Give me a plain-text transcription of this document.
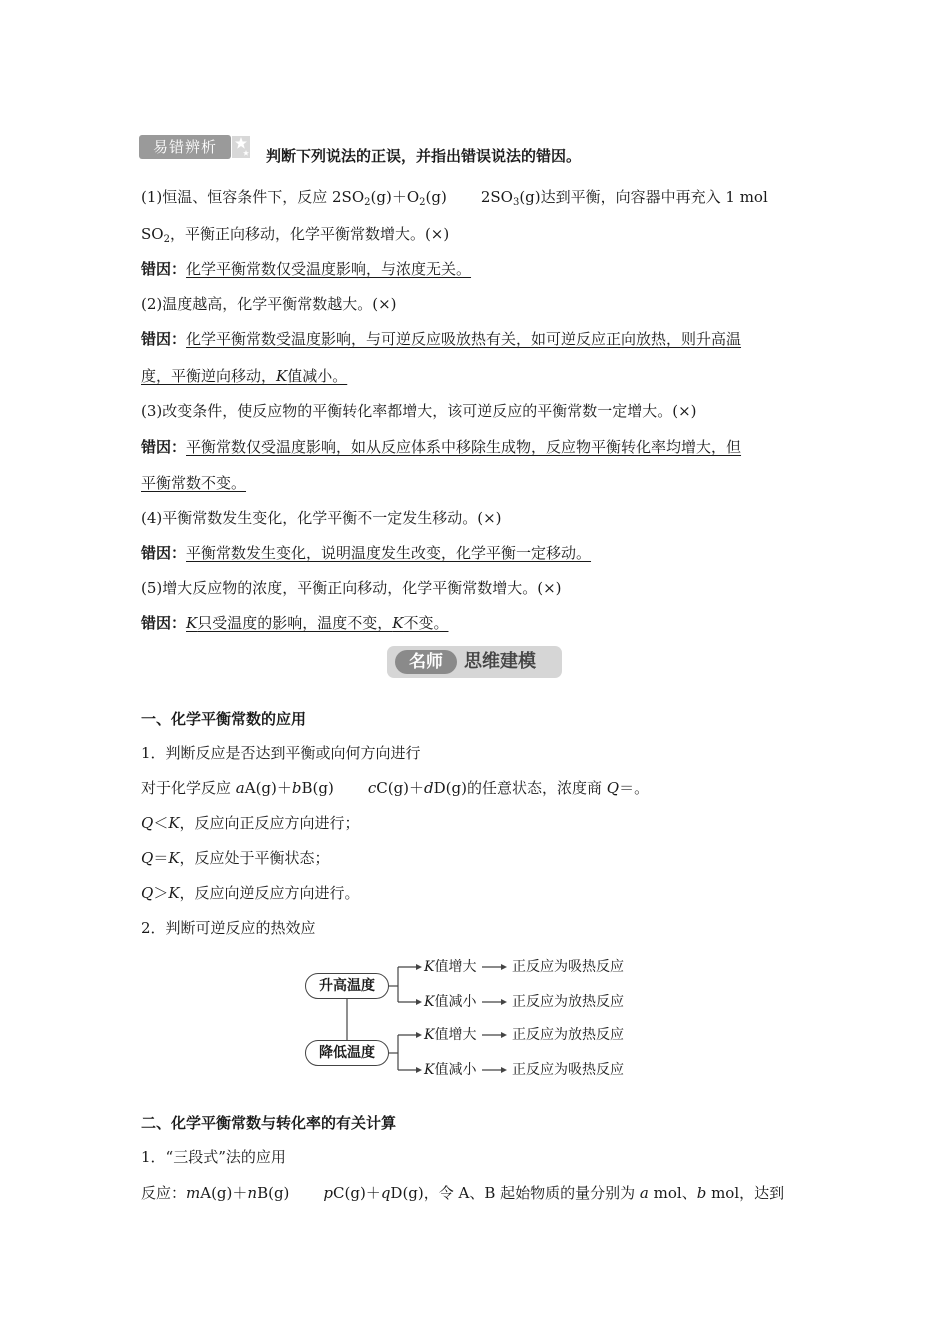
易错辨析	判断下列说法的正误，并指出错误说法的错因。
(1)恒温、恒容条件下，反应 $2SO_2(g)+O_2(g)$ $2SO_3(g)$达到平衡，向容器中再充入 1 mol
$SO_2$，平衡正向移动，化学平衡常数增大。(×)
错因：化学平衡常数仅受温度影响，与浓度无关。
(2)温度越高，化学平衡常数越大。(×)
错因：化学平衡常数受温度影响，与可逆反应吸放热有关，如可逆反应正向放热，则升高温
度，平衡逆向移动，K值减小。
(3)改变条件，使反应物的平衡转化率都增大，该可逆反应的平衡常数一定增大。(×)
错因：平衡常数仅受温度影响，如从反应体系中移除生成物，反应物平衡转化率均增大，但
平衡常数不变。
(4)平衡常数发生变化，化学平衡不一定发生移动。(×)
错因：平衡常数发生变化，说明温度发生改变，化学平衡一定移动。
(5)增大反应物的浓度，平衡正向移动，化学平衡常数增大。(×)
错因：K只受温度的影响，温度不变，K不变。
名师	思维建模
一、化学平衡常数的应用
1．判断反应是否达到平衡或向何方向进行
对于化学反应 aA(g)＋bB(g) cC(g)＋dD(g)的任意状态，浓度商 Q＝。
Q＜K，反应向正反应方向进行；
Q＝K，反应处于平衡状态；
Q＞K，反应向逆反应方向进行。
2．判断可逆反应的热效应
升高温度
降低温度
K值增大	正反应为吸热反应
K值减小	正反应为放热反应
K值增大	正反应为放热反应
K值减小	正反应为吸热反应
二、化学平衡常数与转化率的有关计算
1．“三段式”法的应用
反应：mA(g)＋nB(g) pC(g)＋qD(g)，令 A、B 起始物质的量分别为 a mol、b mol，达到
